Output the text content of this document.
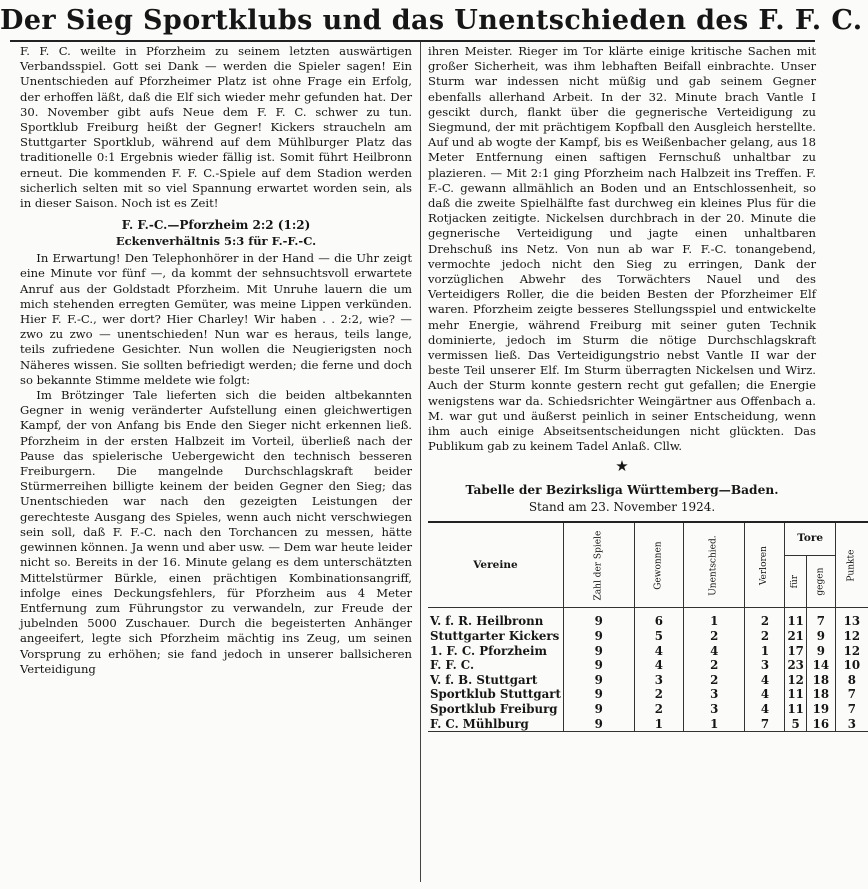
Der Sieg Sportklubs und das Unentschieden des F. F. C.

F. F. C. weilte in Pforzheim zu seinem letzten auswärtigen Verbandsspiel. Gott sei Dank — werden die Spieler sagen! Ein Unentschieden auf Pforzheimer Platz ist ohne Frage ein Erfolg, der erhoffen läßt, daß die Elf sich wieder mehr gefunden hat. Der 30. November gibt aufs Neue dem F. F. C. schwer zu tun. Sportklub Freiburg heißt der Gegner! Kickers straucheln am Stuttgarter Sportklub, während auf dem Mühlburger Platz das traditionelle 0:1 Ergebnis wieder fällig ist. Somit führt Heilbronn erneut. Die kommenden F. F. C.-Spiele auf dem Stadion werden sicherlich selten mit so viel Spannung erwartet worden sein, als in dieser Saison. Noch ist es Zeit!

F. F.-C.—Pforzheim 2:2 (1:2)
Eckenverhältnis 5:3 für F.-F.-C.

In Erwartung! Den Telephonhörer in der Hand — die Uhr zeigt eine Minute vor fünf —, da kommt der sehnsuchtsvoll erwartete Anruf aus der Goldstadt Pforzheim. Mit Unruhe lauern die um mich stehenden erregten Gemüter, was meine Lippen verkünden. Hier F. F.-C., wer dort? Hier Charley! Wir haben . . 2:2, wie? — zwo zu zwo — unentschieden! Nun war es heraus, teils lange, teils zufriedene Gesichter. Nun wollen die Neugierigsten noch Näheres wissen. Sie sollten befriedigt werden; die ferne und doch so bekannte Stimme meldete wie folgt:

Im Brötzinger Tale lieferten sich die beiden altbekannten Gegner in wenig veränderter Aufstellung einen gleichwertigen Kampf, der von Anfang bis Ende den Sieger nicht erkennen ließ. Pforzheim in der ersten Halbzeit im Vorteil, überließ nach der Pause das spielerische Uebergewicht den technisch besseren Freiburgern. Die mangelnde Durchschlagskraft beider Stürmerreihen billigte keinem der beiden Gegner den Sieg; das Unentschieden war nach den gezeigten Leistungen der gerechteste Ausgang des Spieles, wenn auch nicht verschwiegen sein soll, daß F. F.-C. nach den Torchancen zu messen, hätte gewinnen können. Ja wenn und aber usw. — Dem war heute leider nicht so. Bereits in der 16. Minute gelang es dem unterschätzten Mittelstürmer Bürkle, einen prächtigen Kombinationsangriff, infolge eines Deckungsfehlers, für Pforzheim aus 4 Meter Entfernung zum Führungstor zu verwandeln, zur Freude der jubelnden 5000 Zuschauer. Durch die begeisterten Anhänger angeeifert, legte sich Pforzheim mächtig ins Zeug, um seinen Vorsprung zu erhöhen; sie fand jedoch in unserer ballsicheren Verteidigung

ihren Meister. Rieger im Tor klärte einige kritische Sachen mit großer Sicherheit, was ihm lebhaften Beifall einbrachte. Unser Sturm war indessen nicht müßig und gab seinem Gegner ebenfalls allerhand Arbeit. In der 32. Minute brach Vantle I gescikt durch, flankt über die gegnerische Verteidigung zu Siegmund, der mit prächtigem Kopfball den Ausgleich herstellte. Auf und ab wogte der Kampf, bis es Weißenbacher gelang, aus 18 Meter Entfernung einen saftigen Fernschuß unhaltbar zu plazieren. — Mit 2:1 ging Pforzheim nach Halbzeit ins Treffen. F. F.-C. gewann allmählich an Boden und an Entschlossenheit, so daß die zweite Spielhälfte fast durchweg ein kleines Plus für die Rotjacken zeitigte. Nickelsen durchbrach in der 20. Minute die gegnerische Verteidigung und jagte einen unhaltbaren Drehschuß ins Netz. Von nun ab war F. F.-C. tonangebend, vermochte jedoch nicht den Sieg zu erringen, Dank der vorzüglichen Abwehr des Torwächters Nauel und des Verteidigers Roller, die die beiden Besten der Pforzheimer Elf waren. Pforzheim zeigte besseres Stellungsspiel und entwickelte mehr Energie, während Freiburg mit seiner guten Technik dominierte, jedoch im Sturm die nötige Durchschlagskraft vermissen ließ. Das Verteidigungstrio nebst Vantle II war der beste Teil unserer Elf. Im Sturm überragten Nickelsen und Wirz. Auch der Sturm konnte gestern recht gut gefallen; die Energie wenigstens war da. Schiedsrichter Weingärtner aus Offenbach a. M. war gut und äußerst peinlich in seiner Entscheidung, wenn ihm auch einige Abseitsentscheidungen nicht glückten. Das Publikum gab zu keinem Tadel Anlaß. Cllw.

★
Tabelle der Bezirksliga Württemberg—Baden.
Stand am 23. November 1924.
Vereine	Zahl der Spiele	Gewonnen	Unentschied.	Verloren	Tore		Punkte
					für	gegen	

V. f. R. Heilbronn	9	6	1	2	11	7	13
Stuttgarter Kickers	9	5	2	2	21	9	12
1. F. C. Pforzheim	9	4	4	1	17	9	12
F. F. C.	9	4	2	3	23	14	10
V. f. B. Stuttgart	9	3	2	4	12	18	8
Sportklub Stuttgart	9	2	3	4	11	18	7
Sportklub Freiburg	9	2	3	4	11	19	7
F. C. Mühlburg	9	1	1	7	5	16	3
